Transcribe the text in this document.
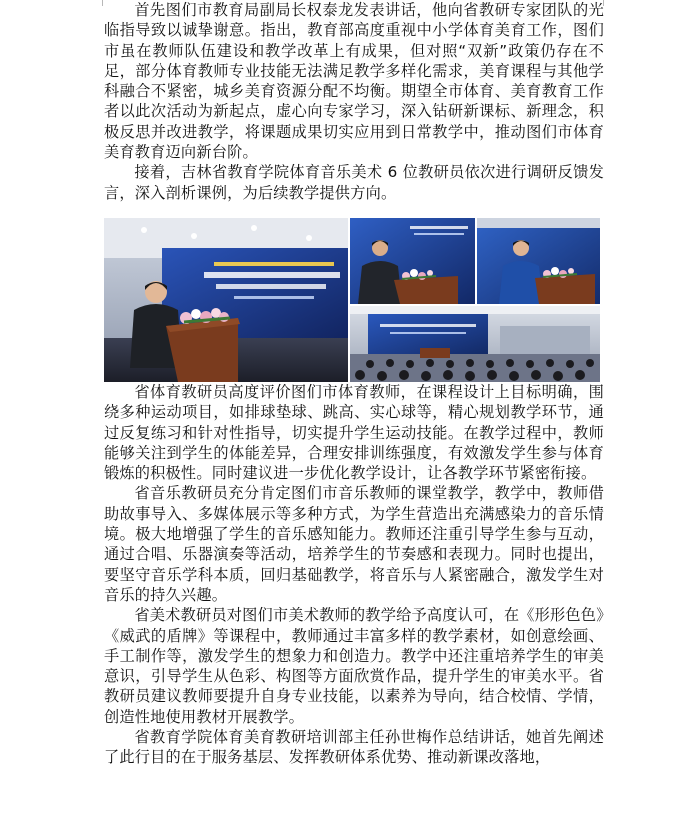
首先图们市教育局副局长权泰龙发表讲话，他向省教研专家团队的光临指导致以诚挚谢意。指出，教育部高度重视中小学体育美育工作，图们市虽在教师队伍建设和教学改革上有成果，但对照“双新”政策仍存在不足，部分体育教师专业技能无法满足教学多样化需求，美育课程与其他学科融合不紧密，城乡美育资源分配不均衡。期望全市体育、美育教育工作者以此次活动为新起点，虚心向专家学习，深入钻研新课标、新理念，积极反思并改进教学，将课题成果切实应用到日常教学中，推动图们市体育美育教育迈向新台阶。

接着，吉林省教育学院体育音乐美术 6 位教研员依次进行调研反馈发言，深入剖析课例，为后续教学提供方向。

省体育教研员高度评价图们市体育教师，在课程设计上目标明确，围绕多种运动项目，如排球垫球、跳高、实心球等，精心规划教学环节，通过反复练习和针对性指导，切实提升学生运动技能。在教学过程中，教师能够关注到学生的体能差异，合理安排训练强度，有效激发学生参与体育锻炼的积极性。同时建议进一步优化教学设计，让各教学环节紧密衔接。

省音乐教研员充分肯定图们市音乐教师的课堂教学，教学中，教师借助故事导入、多媒体展示等多种方式，为学生营造出充满感染力的音乐情境。极大地增强了学生的音乐感知能力。教师还注重引导学生参与互动，通过合唱、乐器演奏等活动，培养学生的节奏感和表现力。同时也提出，要坚守音乐学科本质，回归基础教学，将音乐与人紧密融合，激发学生对音乐的持久兴趣。

省美术教研员对图们市美术教师的教学给予高度认可，在《形形色色》《威武的盾牌》等课程中，教师通过丰富多样的教学素材，如创意绘画、手工制作等，激发学生的想象力和创造力。教学中还注重培养学生的审美意识，引导学生从色彩、构图等方面欣赏作品，提升学生的审美水平。省教研员建议教师要提升自身专业技能，以素养为导向，结合校情、学情，创造性地使用教材开展教学。

省教育学院体育美育教研培训部主任孙世梅作总结讲话，她首先阐述了此行目的在于服务基层、发挥教研体系优势、推动新课改落地，
